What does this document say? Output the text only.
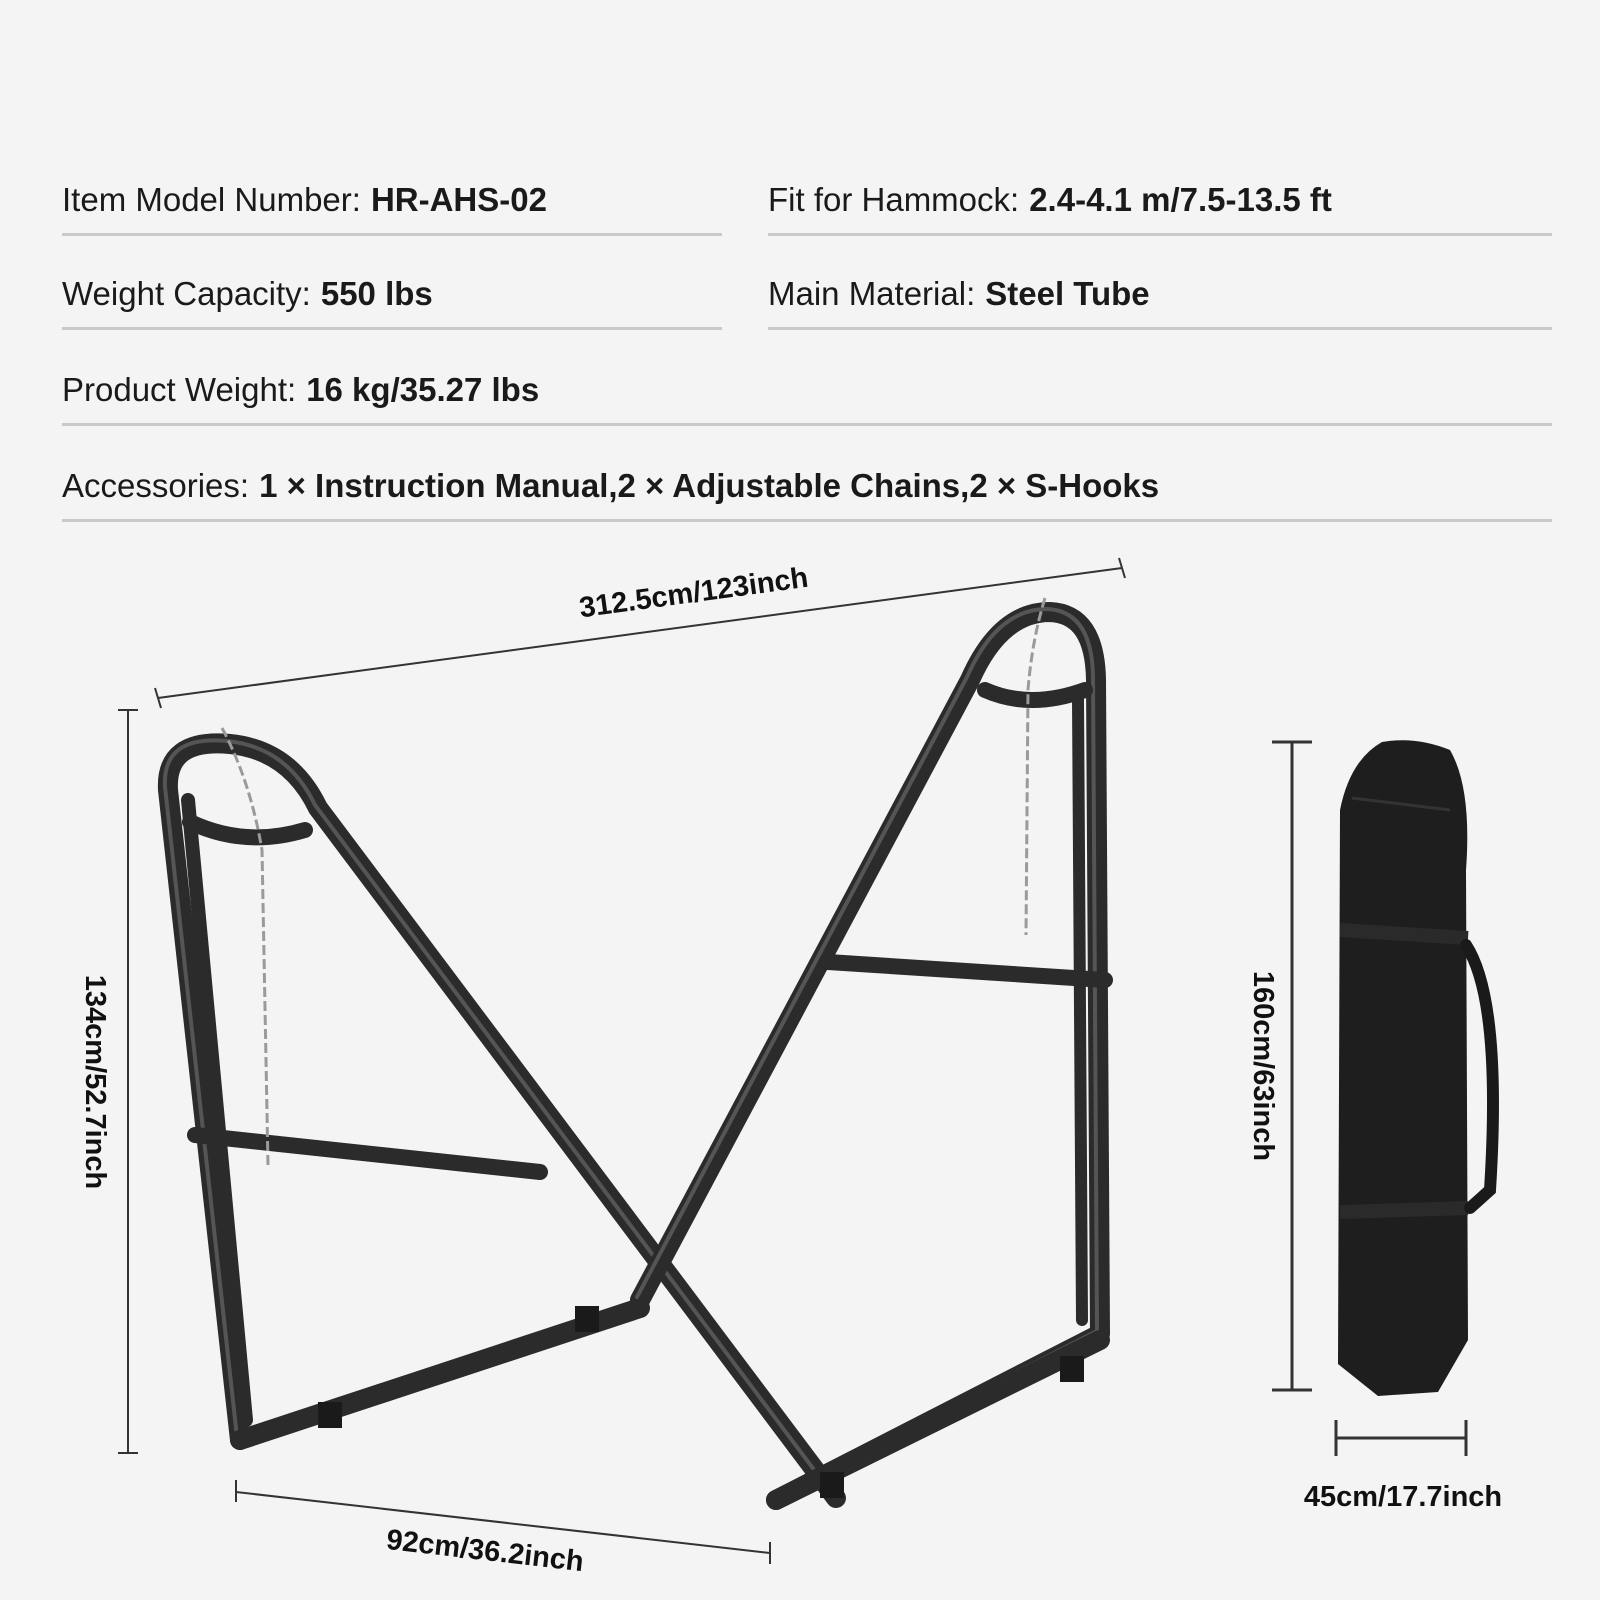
Item Model Number: HR-AHS-02	Fit for Hammock: 2.4-4.1 m/7.5-13.5 ft
Weight Capacity: 550 lbs	Main Material: Steel Tube
Product Weight: 16 kg/35.27 lbs
Accessories: 1 × Instruction Manual,2 × Adjustable Chains,2 × S-Hooks
312.5cm/123inch
134cm/52.7inch
92cm/36.2inch
160cm/63inch
45cm/17.7inch
